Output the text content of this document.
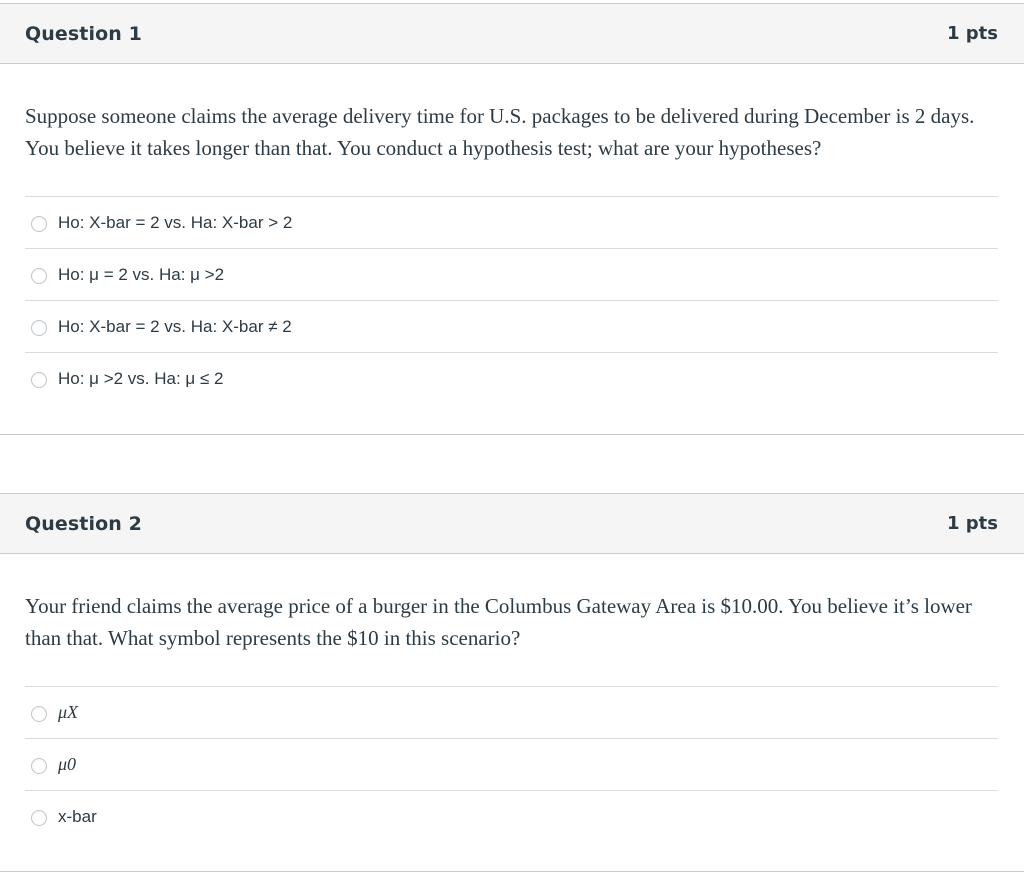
Question 1	1 pts

Suppose someone claims the average delivery time for U.S. packages to be delivered during December is 2 days. You believe it takes longer than that. You conduct a hypothesis test; what are your hypotheses?

Ho: X-bar = 2 vs. Ha: X-bar > 2
Ho: μ = 2 vs. Ha: μ >2
Ho: X-bar = 2 vs. Ha: X-bar ≠ 2
Ho: μ >2 vs. Ha: μ ≤ 2
Question 2	1 pts

Your friend claims the average price of a burger in the Columbus Gateway Area is $10.00. You believe it’s lower than that. What symbol represents the $10 in this scenario?

μX
μ0
x-bar
